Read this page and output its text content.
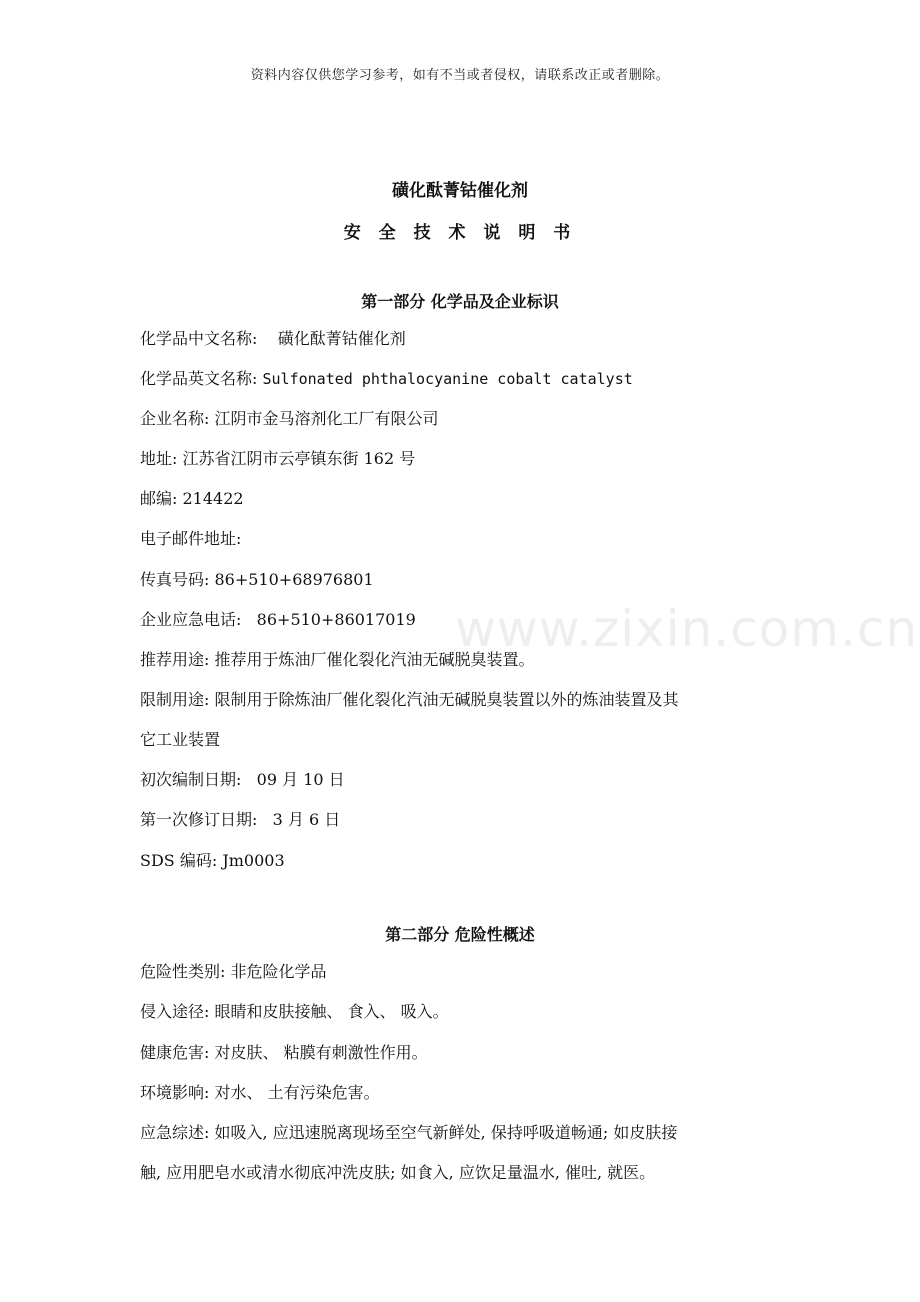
资料内容仅供您学习参考，如有不当或者侵权，请联系改正或者删除。
磺化酞菁钴催化剂
安 全 技 术 说 明 书
www.zixin.com.cn
第一部分 化学品及企业标识
化学品中文名称: 磺化酞菁钴催化剂
化学品英文名称: Sulfonated phthalocyanine cobalt catalyst
企业名称: 江阴市金马溶剂化工厂有限公司
地址: 江苏省江阴市云亭镇东街 162 号
邮编: 214422
电子邮件地址:
传真号码: 86+510+68976801
企业应急电话: 86+510+86017019
推荐用途: 推荐用于炼油厂催化裂化汽油无碱脱臭装置。
限制用途: 限制用于除炼油厂催化裂化汽油无碱脱臭装置以外的炼油装置及其
它工业装置
初次编制日期: 09 月 10 日
第一次修订日期: 3 月 6 日
SDS 编码: Jm0003
第二部分 危险性概述
危险性类别: 非危险化学品
侵入途径: 眼睛和皮肤接触、 食入、 吸入。
健康危害: 对皮肤、 粘膜有刺激性作用。
环境影响: 对水、 土有污染危害。
应急综述: 如吸入, 应迅速脱离现场至空气新鲜处, 保持呼吸道畅通; 如皮肤接
触, 应用肥皂水或清水彻底冲洗皮肤; 如食入, 应饮足量温水, 催吐, 就医。
